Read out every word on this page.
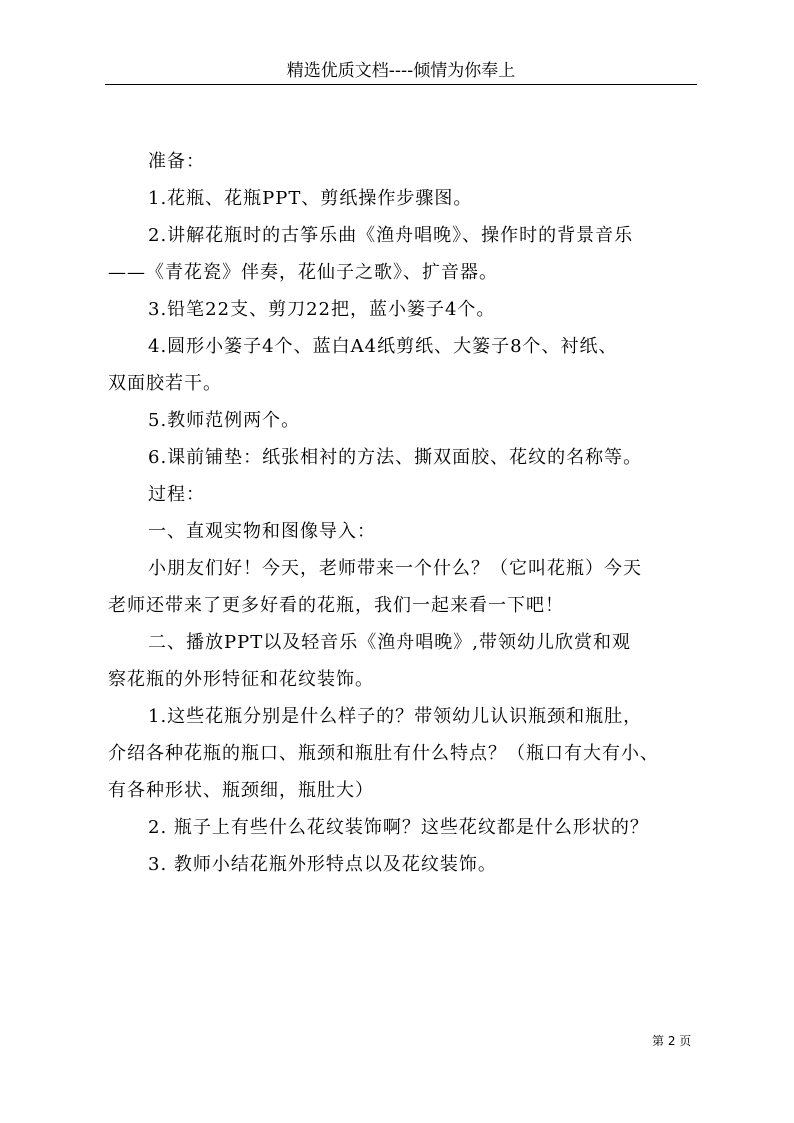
精选优质文档----倾情为你奉上

准备：

1.花瓶、花瓶PPT、剪纸操作步骤图。

2.讲解花瓶时的古筝乐曲《渔舟唱晚》、操作时的背景音乐

——《青花瓷》伴奏，花仙子之歌》、扩音器。

3.铅笔22支、剪刀22把，蓝小篓子4个。

4.圆形小篓子4个、蓝白A4纸剪纸、大篓子8个、衬纸、

双面胶若干。

5.教师范例两个。

6.课前铺垫：纸张相衬的方法、撕双面胶、花纹的名称等。

过程：

一、直观实物和图像导入：

小朋友们好！今天，老师带来一个什么？（它叫花瓶）今天

老师还带来了更多好看的花瓶，我们一起来看一下吧！

二、播放PPT以及轻音乐《渔舟唱晚》,带领幼儿欣赏和观

察花瓶的外形特征和花纹装饰。

1.这些花瓶分别是什么样子的？带领幼儿认识瓶颈和瓶肚，

介绍各种花瓶的瓶口、瓶颈和瓶肚有什么特点？（瓶口有大有小、

有各种形状、瓶颈细，瓶肚大）

2. 瓶子上有些什么花纹装饰啊？这些花纹都是什么形状的？

3. 教师小结花瓶外形特点以及花纹装饰。

第 2 页
